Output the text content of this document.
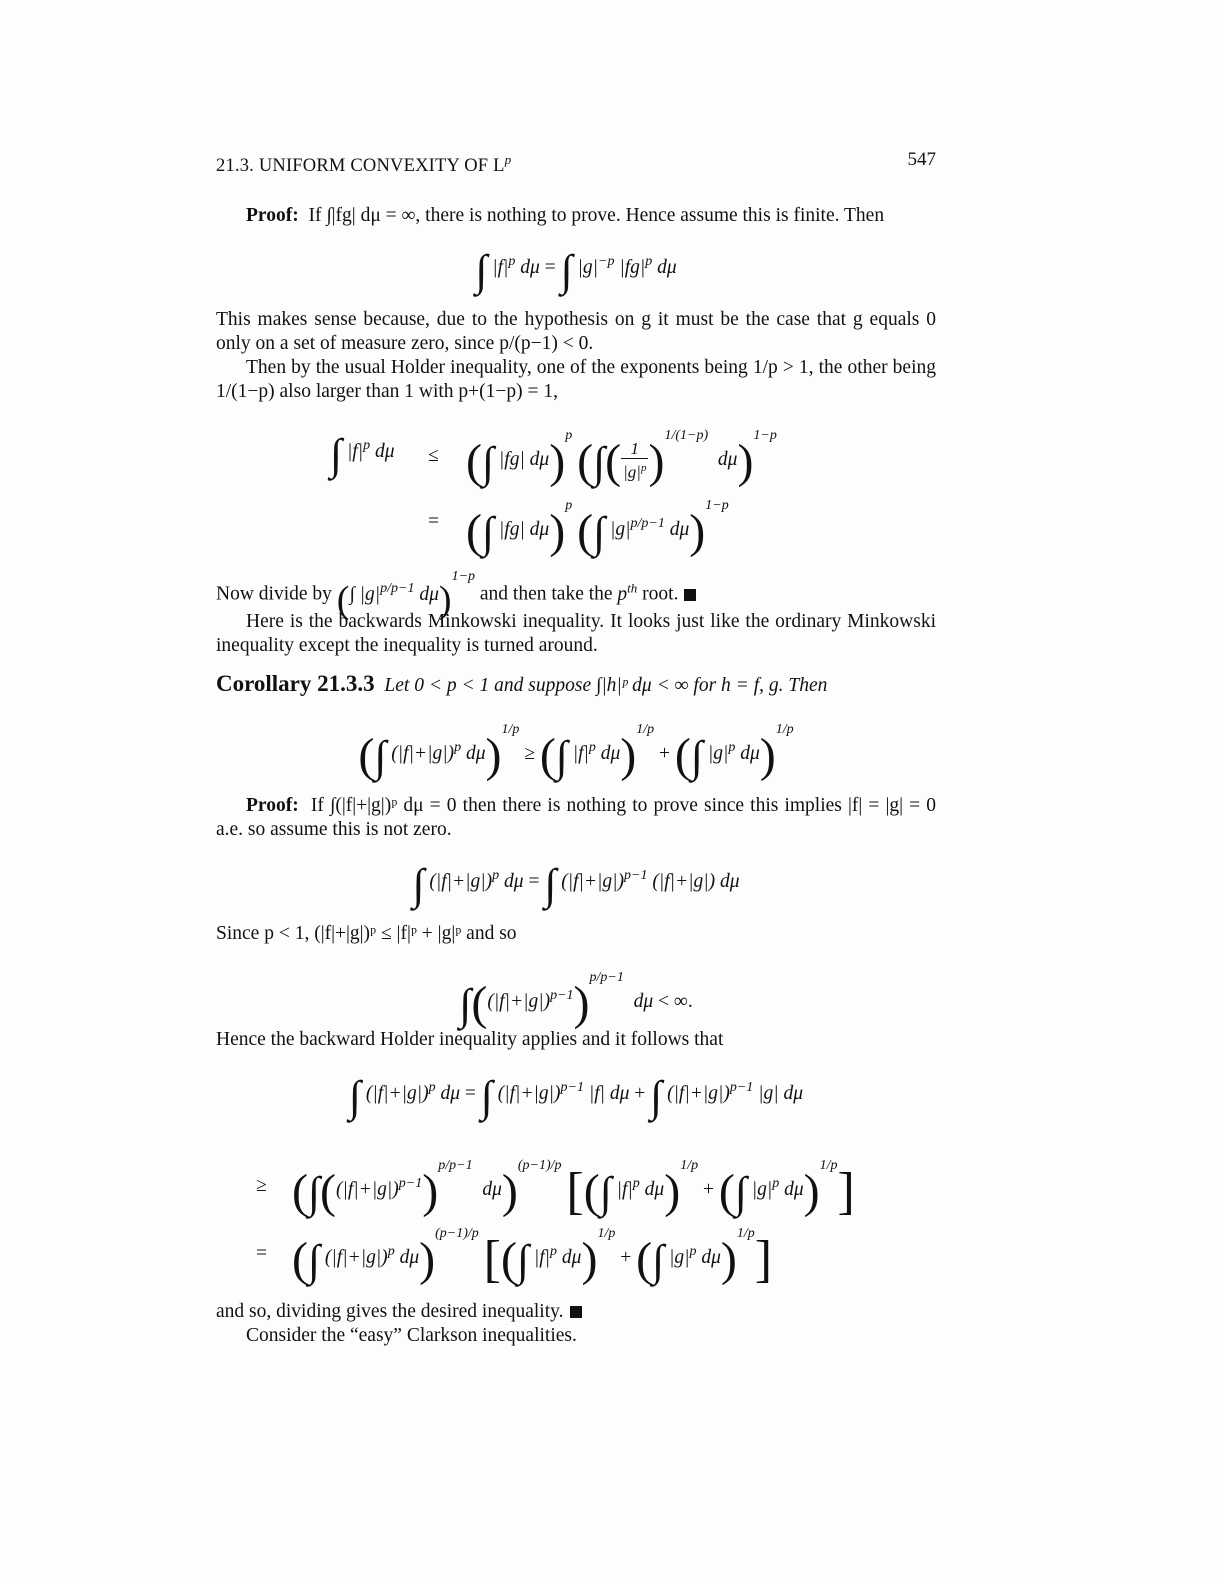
21.3. UNIFORM CONVEXITY OF $L^p$	547

Proof: If ∫|fg| dμ = ∞, there is nothing to prove. Hence assume this is finite. Then

∫ $|f|^p$ dμ = ∫ $|g|^{-p}$ $|fg|^p$ dμ

This makes sense because, due to the hypothesis on g it must be the case that g equals 0 only on a set of measure zero, since p/(p−1) < 0.

Then by the usual Holder inequality, one of the exponents being 1/p > 1, the other being 1/(1−p) also larger than 1 with p+(1−p) = 1,

∫ $|f|^p$ dμ ≤ (∫ |fg| dμ)$^p$ (∫( $\frac{1}{|g|^p} )^{1/(1-p)}$  dμ)$^{1-p}$
= (∫ |fg| dμ)$^p$ (∫ $|g|^{p/p-1}$ dμ)$^{1-p}$

Now divide by (∫ $|g|^{p/p-1}$ dμ)$^{1-p}$ and then take the $p^{th}$ root.

Here is the backwards Minkowski inequality. It looks just like the ordinary Minkowski inequality except the inequality is turned around.

Corollary 21.3.3 Let 0 < p < 1 and suppose ∫|h|ᵖ dμ < ∞ for h = f, g. Then

(∫ $(|f|+|g|)^p$ dμ)$^{1/p}$ ≥ (∫ $|f|^p$ dμ)$^{1/p}$ + (∫ $|g|^p$ dμ)$^{1/p}$

Proof: If ∫(|f|+|g|)ᵖ dμ = 0 then there is nothing to prove since this implies |f| = |g| = 0 a.e. so assume this is not zero.

∫ $(|f|+|g|)^p$ dμ = ∫ $(|f|+|g|)^{p-1}$ (|f|+|g|) dμ

Since p < 1, (|f|+|g|)ᵖ ≤ |f|ᵖ + |g|ᵖ and so

$\int((|f|+|g|)^{p-1})^{p/p-1}$  dμ < ∞.

Hence the backward Holder inequality applies and it follows that

∫ $(|f|+|g|)^p$ dμ = ∫ $(|f|+|g|)^{p-1}$ |f| dμ + ∫ $(|f|+|g|)^{p-1}$ |g| dμ
≥ ($\int((|f|+|g|)^{p-1})^{p/p-1}$  dμ)$^{(p-1)/p}$ [(∫ $|f|^p$ dμ)$^{1/p}$ + (∫ $|g|^p$ dμ)$^{1/p}$]
= (∫ $(|f|+|g|)^p$ dμ)$^{(p-1)/p}$ [(∫ $|f|^p$ dμ)$^{1/p}$ + (∫ $|g|^p$ dμ)$^{1/p}$]

and so, dividing gives the desired inequality.

Consider the “easy” Clarkson inequalities.
